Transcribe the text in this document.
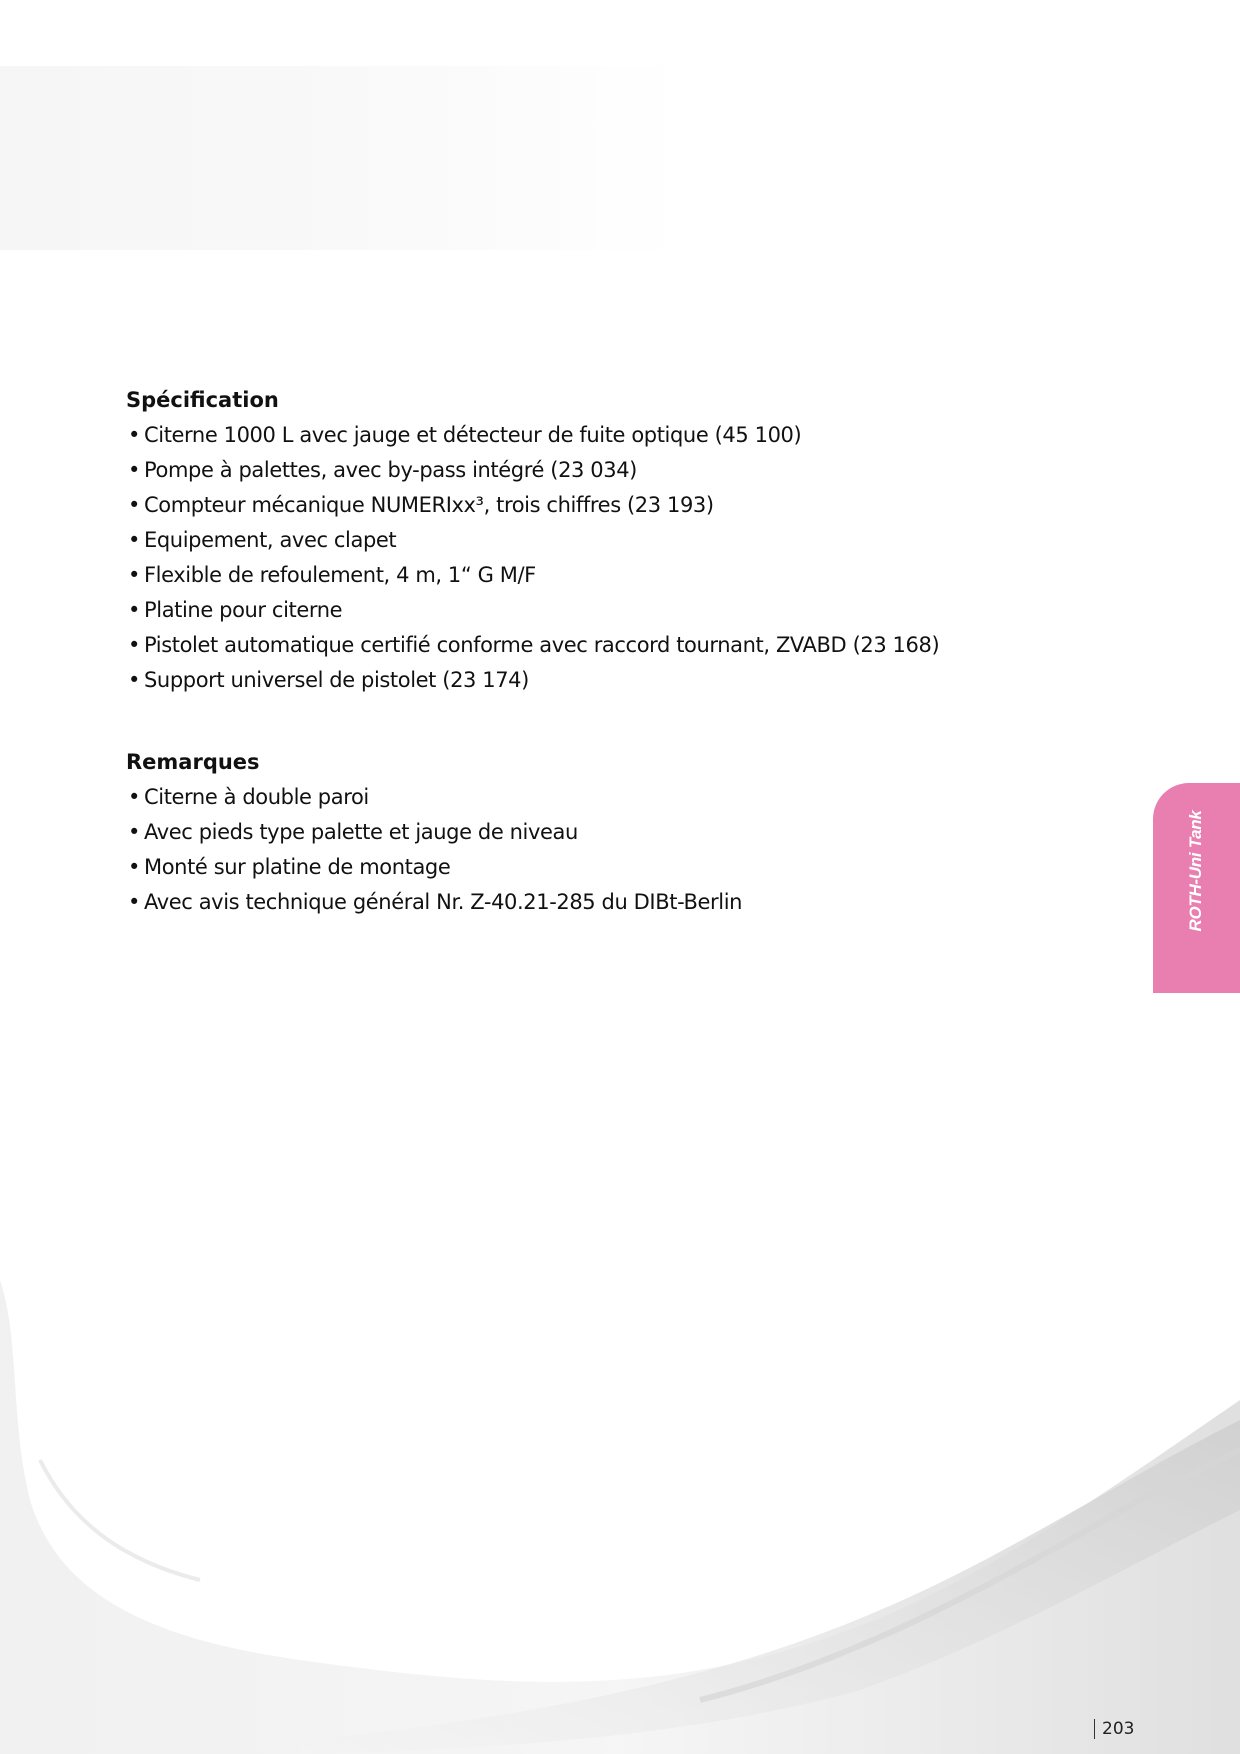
Spécification
• Citerne 1000 L avec jauge et détecteur de fuite optique (45 100)
• Pompe à palettes, avec by-pass intégré (23 034)
• Compteur mécanique NUMERIxx³, trois chiffres (23 193)
• Equipement, avec clapet
• Flexible de refoulement, 4 m, 1“ G M/F
• Platine pour citerne
• Pistolet automatique certifié conforme avec raccord tournant, ZVABD (23 168)
• Support universel de pistolet (23 174)
Remarques
• Citerne à double paroi
• Avec pieds type palette et jauge de niveau
• Monté sur platine de montage
• Avec avis technique général Nr. Z-40.21-285 du DIBt-Berlin	ROTH-Uni Tank
203
